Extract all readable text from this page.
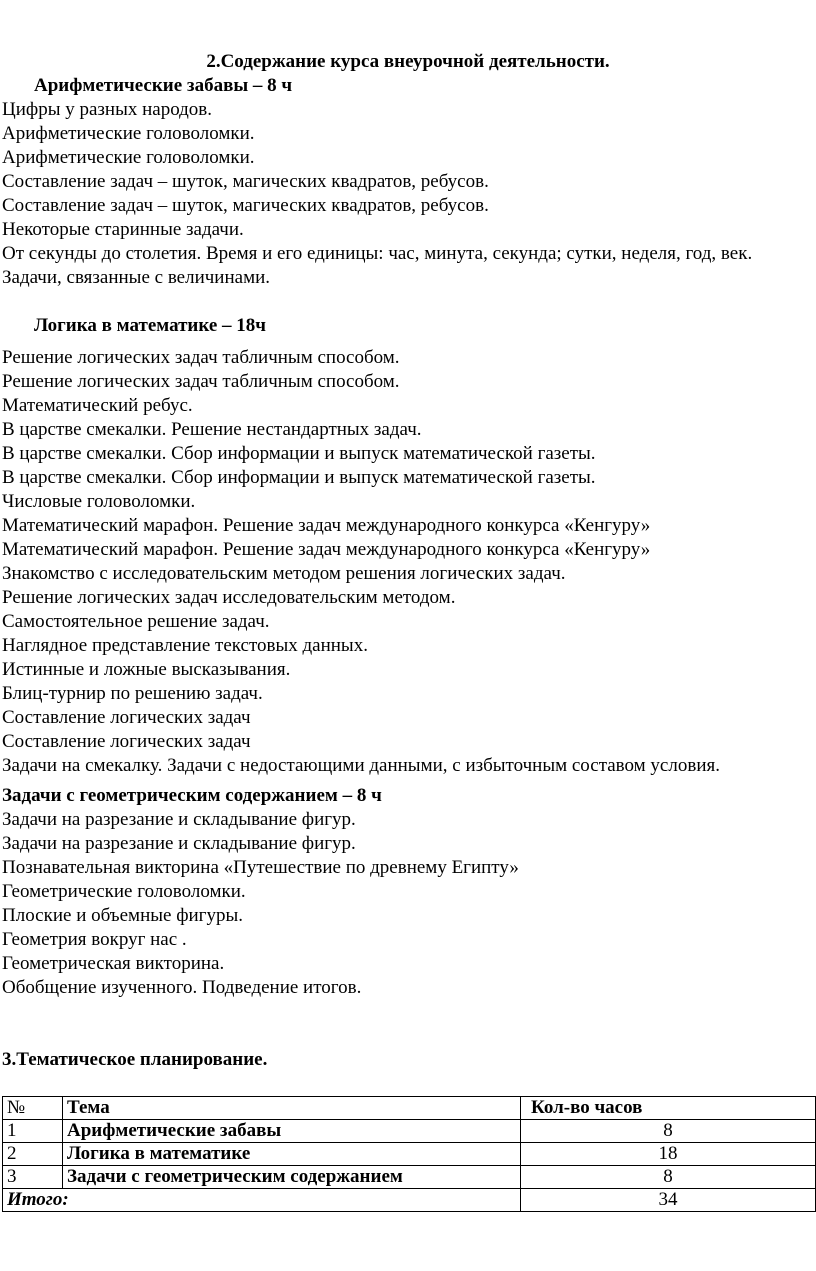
2.Содержание курса внеурочной деятельности.
Арифметические забавы – 8 ч
Цифры у разных народов.
Арифметические головоломки.
Арифметические головоломки.
Составление задач – шуток, магических квадратов, ребусов.
Составление задач – шуток, магических квадратов, ребусов.
Некоторые старинные задачи.
От секунды до столетия. Время и его единицы: час, минута, секунда; сутки, неделя, год, век.
Задачи, связанные с величинами.
Логика в математике – 18ч
Решение логических задач табличным способом.
Решение логических задач табличным способом.
Математический ребус.
В царстве смекалки. Решение нестандартных задач.
В царстве смекалки. Сбор информации и выпуск математической газеты.
В царстве смекалки. Сбор информации и выпуск математической газеты.
Числовые головоломки.
Математический марафон. Решение задач международного конкурса «Кенгуру»
Математический марафон. Решение задач международного конкурса «Кенгуру»
Знакомство с исследовательским методом решения логических задач.
Решение логических задач исследовательским методом.
Самостоятельное решение задач.
Наглядное представление текстовых данных.
Истинные и ложные высказывания.
Блиц-турнир по решению задач.
Составление логических задач
Составление логических задач
Задачи на смекалку. Задачи с недостающими данными, с избыточным составом условия.
Задачи с геометрическим содержанием – 8 ч
Задачи на разрезание и складывание фигур.
Задачи на разрезание и складывание фигур.
Познавательная викторина «Путешествие по древнему Египту»
Геометрические головоломки.
Плоские и объемные фигуры.
Геометрия вокруг нас .
Геометрическая викторина.
Обобщение изученного. Подведение итогов.
3.Тематическое планирование.
№	Тема	Кол-во часов
1	Арифметические забавы	8
2	Логика в математике	18
3	Задачи с геометрическим содержанием	8
Итого:		34
